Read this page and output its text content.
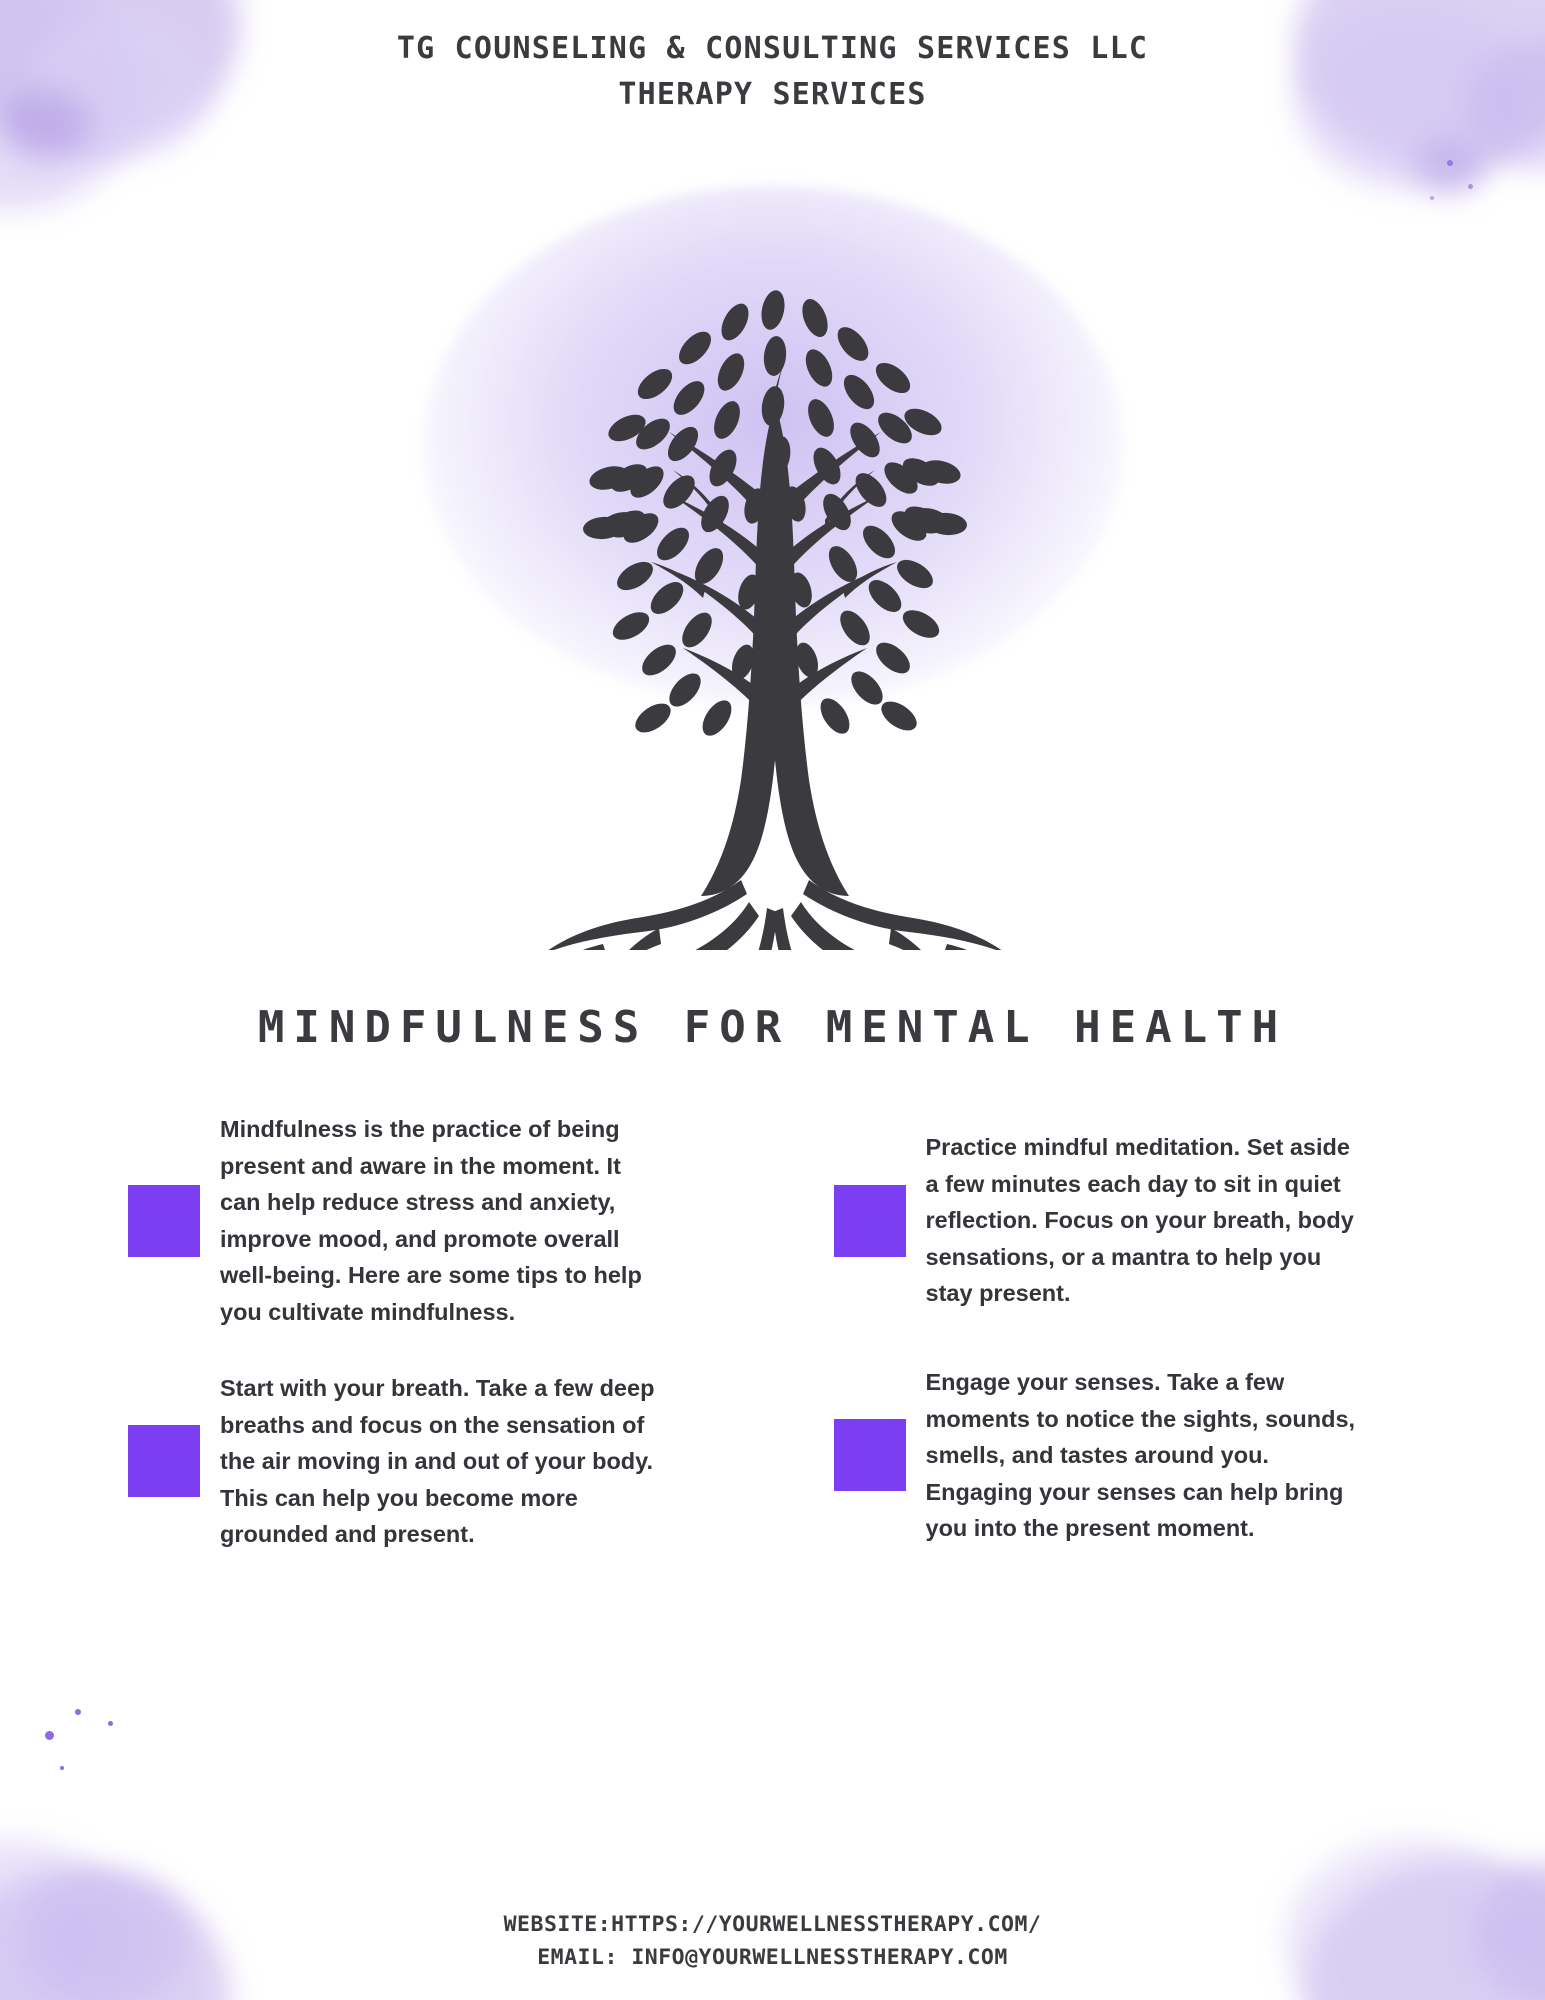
TG COUNSELING & CONSULTING SERVICES LLC
THERAPY SERVICES
MINDFULNESS FOR MENTAL HEALTH
Mindfulness is the practice of being present and aware in the moment. It can help reduce stress and anxiety, improve mood, and promote overall well-being. Here are some tips to help you cultivate mindfulness.
Practice mindful meditation. Set aside a few minutes each day to sit in quiet reflection. Focus on your breath, body sensations, or a mantra to help you stay present.
Start with your breath. Take a few deep breaths and focus on the sensation of the air moving in and out of your body. This can help you become more grounded and present.
Engage your senses. Take a few moments to notice the sights, sounds, smells, and tastes around you. Engaging your senses can help bring you into the present moment.
WEBSITE:HTTPS://YOURWELLNESSTHERAPY.COM/
EMAIL: INFO@YOURWELLNESSTHERAPY.COM
